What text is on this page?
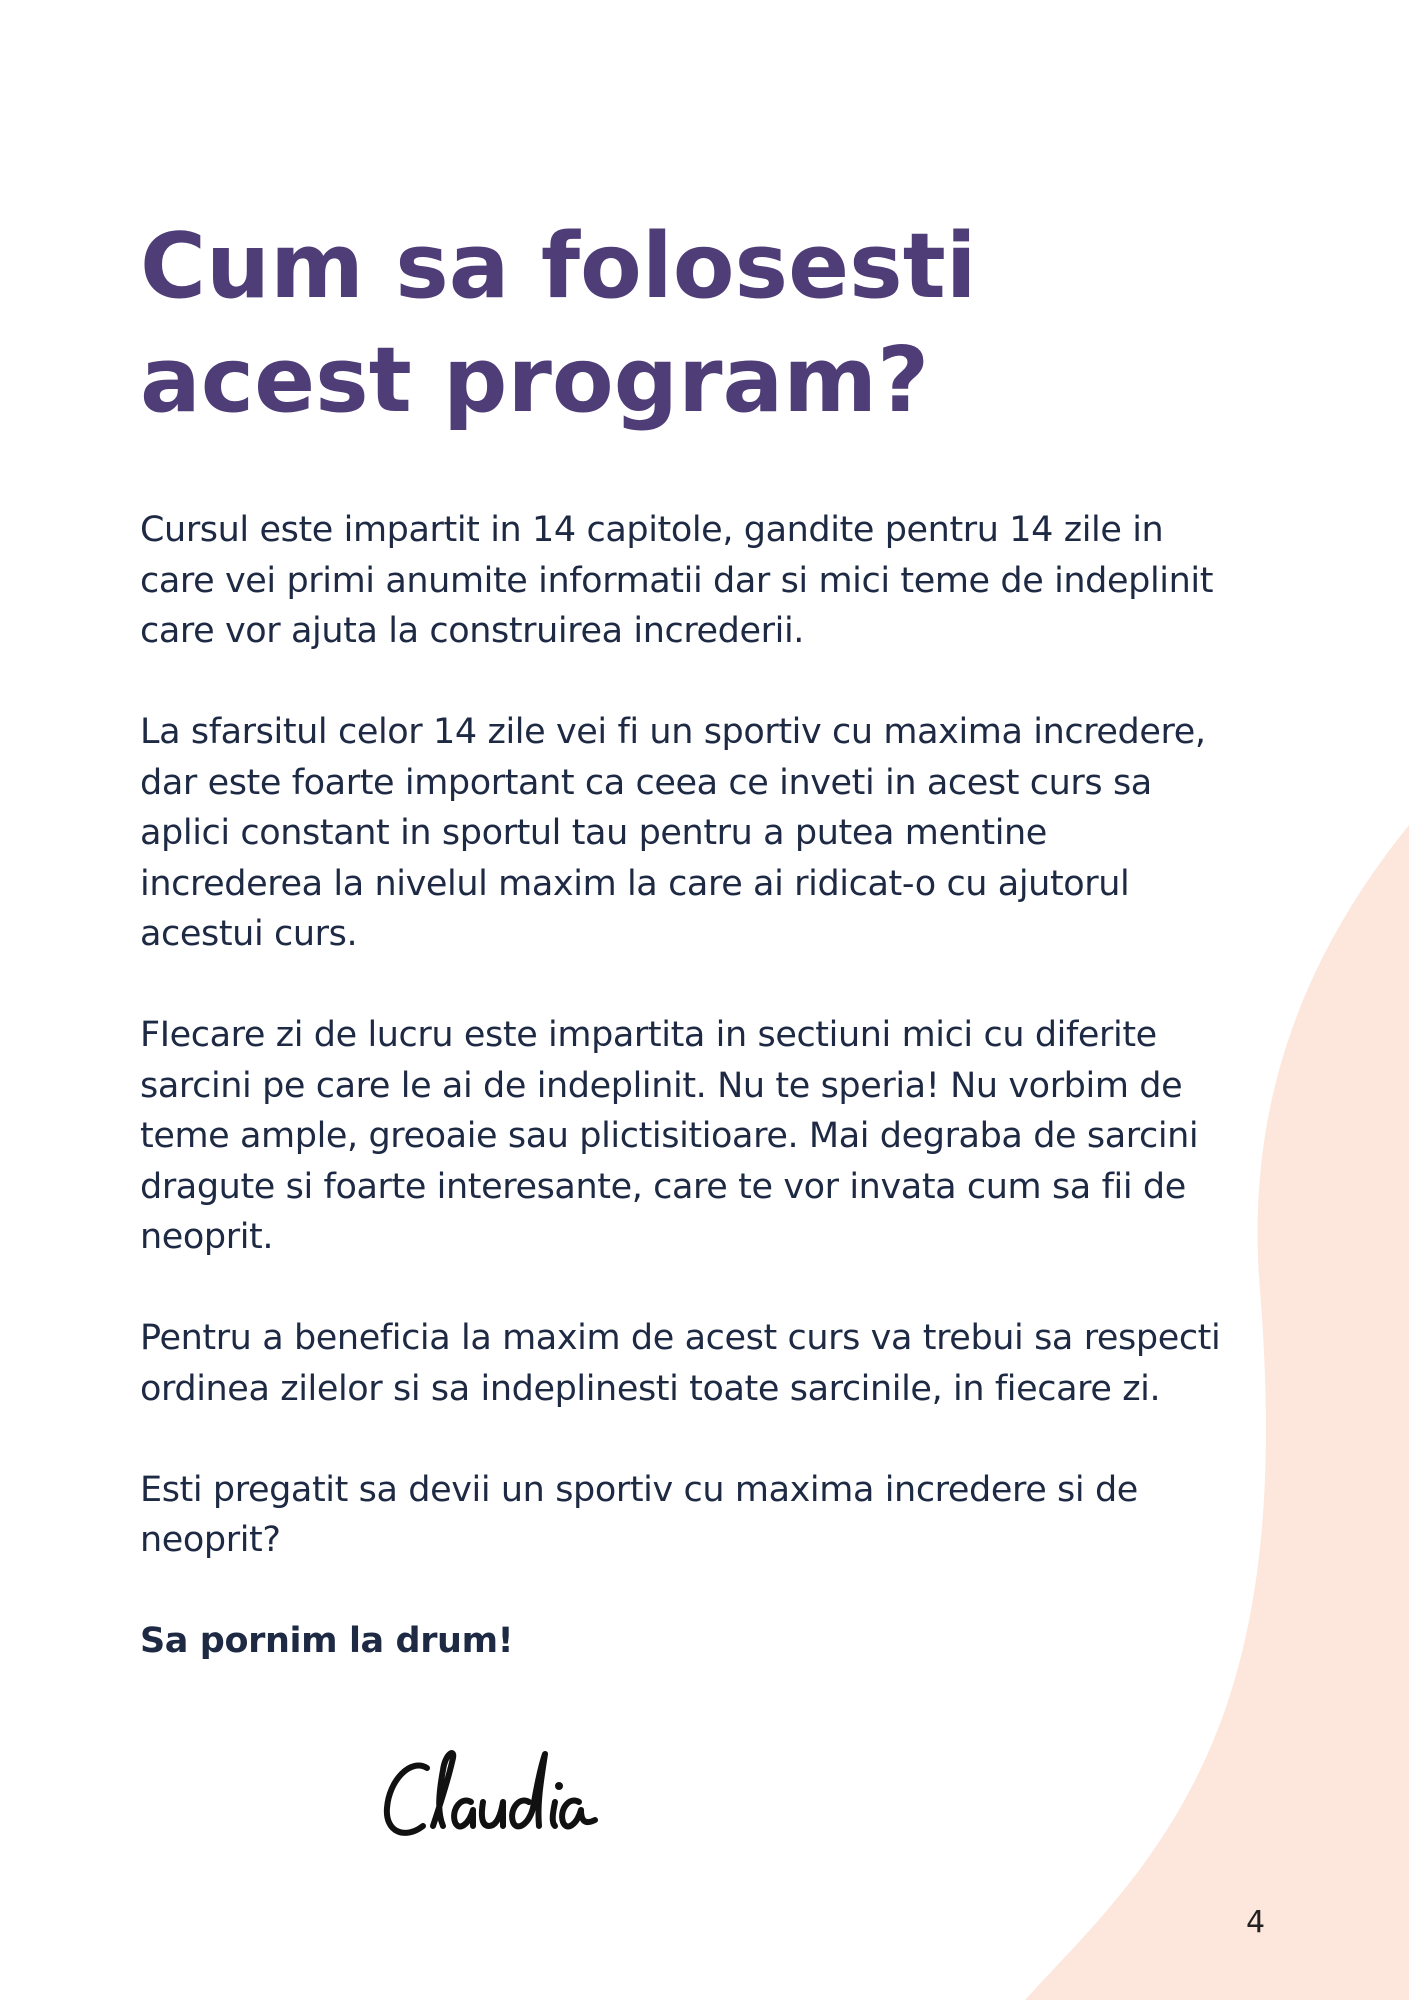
Cum sa folosesti
acest program?

Cursul este impartit in 14 capitole, gandite pentru 14 zile in care vei primi anumite informatii dar si mici teme de indeplinit care vor ajuta la construirea increderii.

La sfarsitul celor 14 zile vei fi un sportiv cu maxima incredere, dar este foarte important ca ceea ce inveti in acest curs sa aplici constant in sportul tau pentru a putea mentine increderea la nivelul maxim la care ai ridicat-o cu ajutorul acestui curs.

FIecare zi de lucru este impartita in sectiuni mici cu diferite sarcini pe care le ai de indeplinit. Nu te speria! Nu vorbim de teme ample, greoaie sau plictisitioare. Mai degraba de sarcini dragute si foarte interesante, care te vor invata cum sa fii de neoprit.

Pentru a beneficia la maxim de acest curs va trebui sa respecti ordinea zilelor si sa indeplinesti toate sarcinile, in fiecare zi.

Esti pregatit sa devii un sportiv cu maxima incredere si de neoprit?

Sa pornim la drum!

4
